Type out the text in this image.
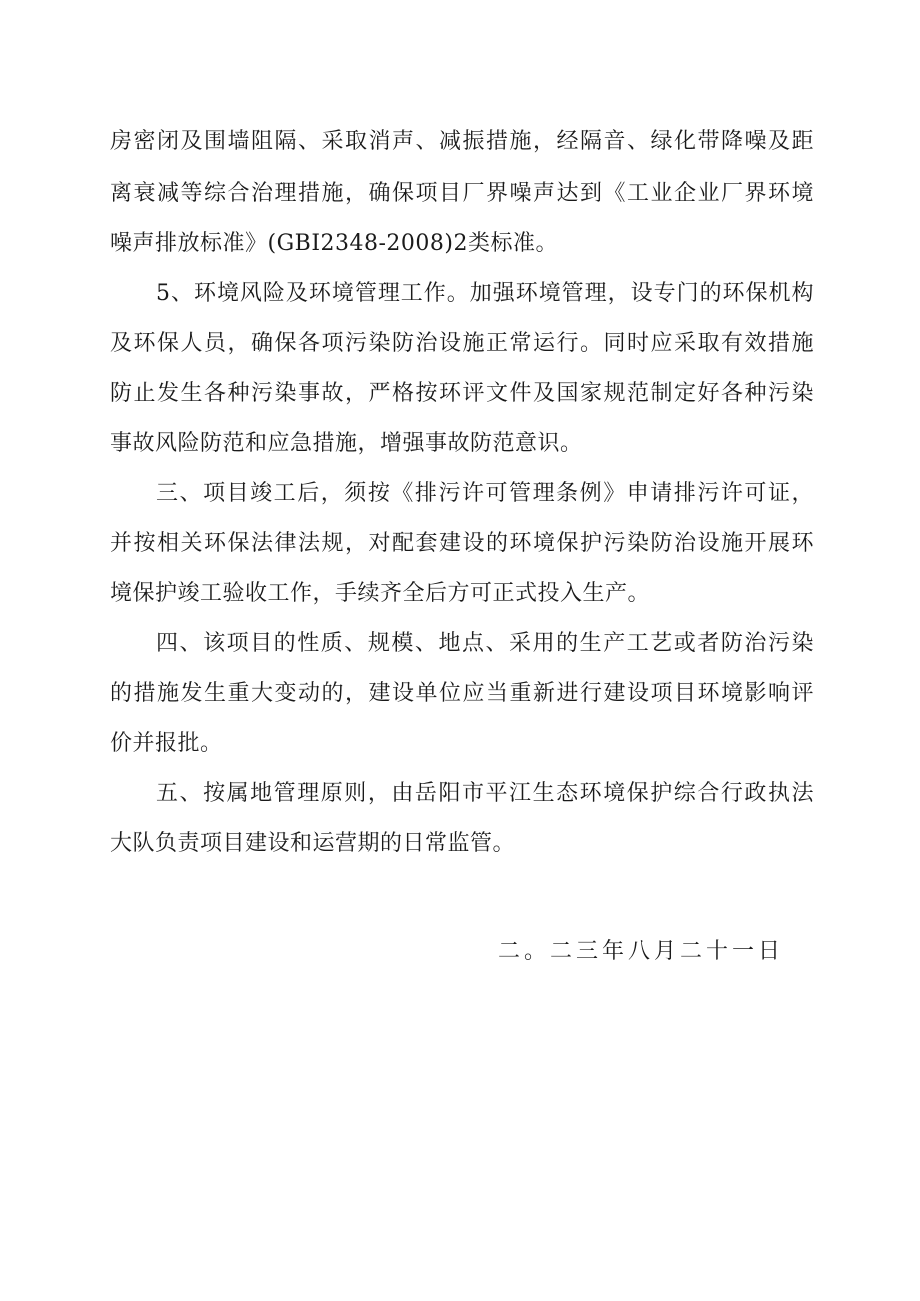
房密闭及围墙阻隔、采取消声、减振措施，经隔音、绿化带降噪及距
离衰减等综合治理措施，确保项目厂界噪声达到《工业企业厂界环境
噪声排放标准》(GBI2348-2008)2类标准。
5、环境风险及环境管理工作。加强环境管理，设专门的环保机构
及环保人员，确保各项污染防治设施正常运行。同时应采取有效措施
防止发生各种污染事故，严格按环评文件及国家规范制定好各种污染
事故风险防范和应急措施，增强事故防范意识。
三、项目竣工后，须按《排污许可管理条例》申请排污许可证，
并按相关环保法律法规，对配套建设的环境保护污染防治设施开展环
境保护竣工验收工作，手续齐全后方可正式投入生产。
四、该项目的性质、规模、地点、采用的生产工艺或者防治污染
的措施发生重大变动的，建设单位应当重新进行建设项目环境影响评
价并报批。
五、按属地管理原则，由岳阳市平江生态环境保护综合行政执法
大队负责项目建设和运营期的日常监管。
二。二三年八月二十一日
